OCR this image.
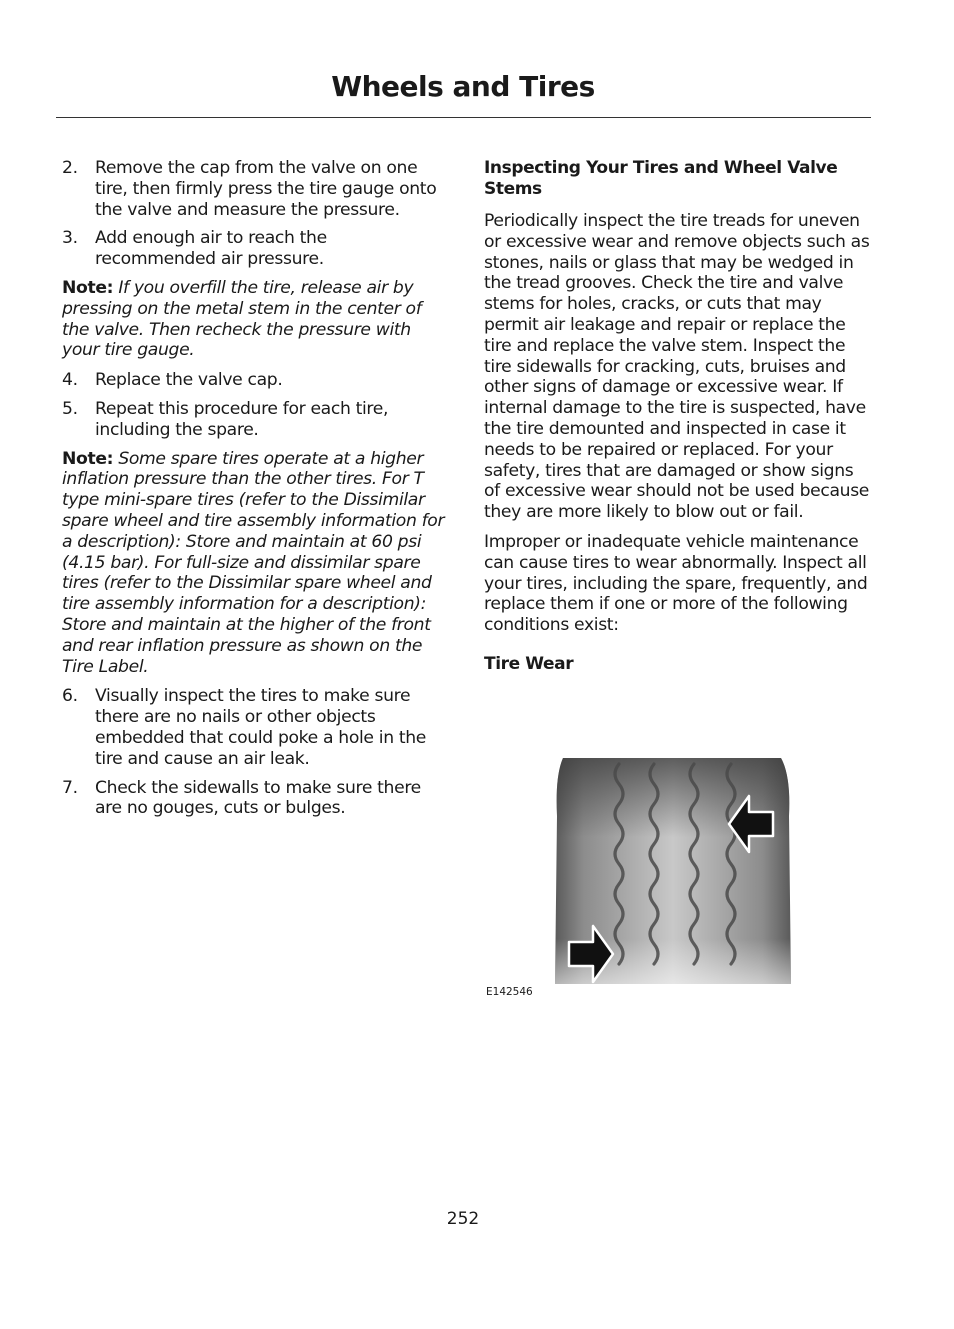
Wheels and Tires
2.	Remove the cap from the valve on one tire, then firmly press the tire gauge onto the valve and measure the pressure.
3.	Add enough air to reach the recommended air pressure.

Note: If you overfill the tire, release air by pressing on the metal stem in the center of the valve. Then recheck the pressure with your tire gauge.

4.	Replace the valve cap.
5.	Repeat this procedure for each tire, including the spare.

Note: Some spare tires operate at a higher inflation pressure than the other tires. For T type mini-spare tires (refer to the Dissimilar spare wheel and tire assembly information for a description): Store and maintain at 60 psi (4.15 bar). For full-size and dissimilar spare tires (refer to the Dissimilar spare wheel and tire assembly information for a description): Store and maintain at the higher of the front and rear inflation pressure as shown on the Tire Label.

6.	Visually inspect the tires to make sure there are no nails or other objects embedded that could poke a hole in the tire and cause an air leak.
7.	Check the sidewalls to make sure there are no gouges, cuts or bulges.
Inspecting Your Tires and Wheel Valve Stems

Periodically inspect the tire treads for uneven or excessive wear and remove objects such as stones, nails or glass that may be wedged in the tread grooves. Check the tire and valve stems for holes, cracks, or cuts that may permit air leakage and repair or replace the tire and replace the valve stem. Inspect the tire sidewalls for cracking, cuts, bruises and other signs of damage or excessive wear. If internal damage to the tire is suspected, have the tire demounted and inspected in case it needs to be repaired or replaced. For your safety, tires that are damaged or show signs of excessive wear should not be used because they are more likely to blow out or fail.

Improper or inadequate vehicle maintenance can cause tires to wear abnormally. Inspect all your tires, including the spare, frequently, and replace them if one or more of the following conditions exist:

Tire Wear
E142546
252
